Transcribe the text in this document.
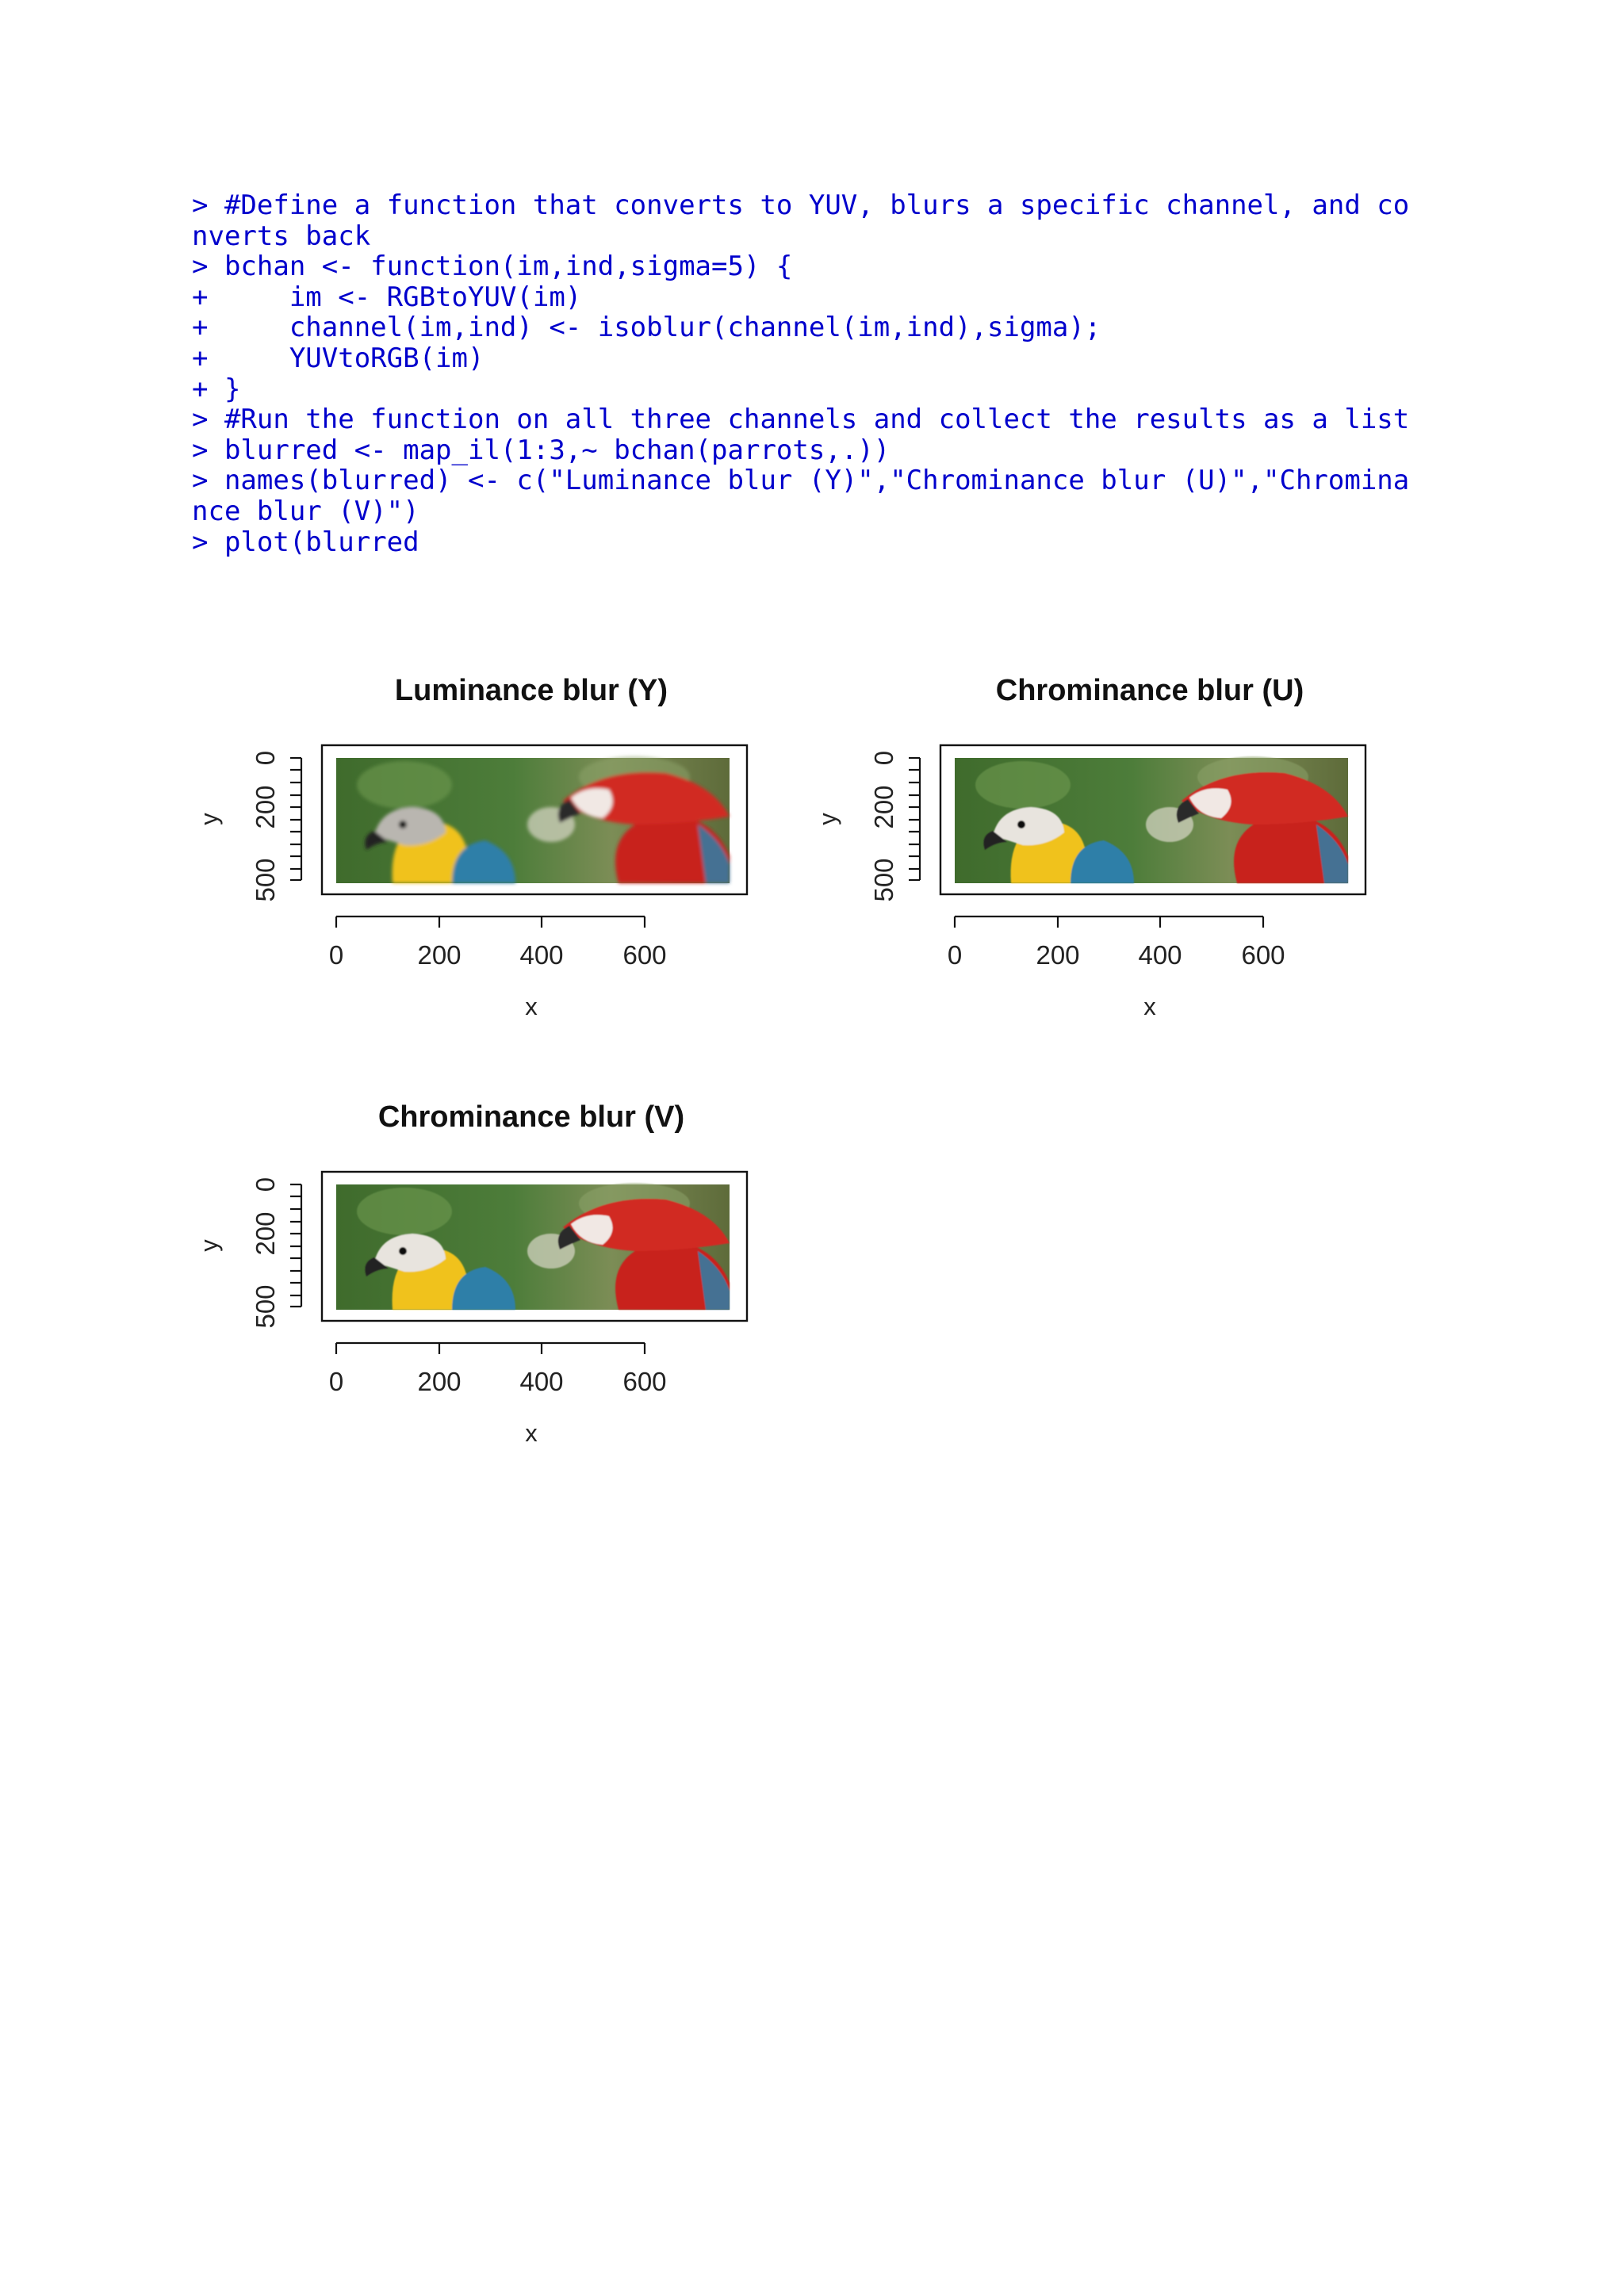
> #Define a function that converts to YUV, blurs a specific channel, and co
nverts back
> bchan <- function(im,ind,sigma=5) {
+     im <- RGBtoYUV(im)
+     channel(im,ind) <- isoblur(channel(im,ind),sigma);
+     YUVtoRGB(im)
+ }
> #Run the function on all three channels and collect the results as a list
> blurred <- map_il(1:3,~ bchan(parrots,.))
> names(blurred) <- c("Luminance blur (Y)","Chrominance blur (U)","Chromina
nce blur (V)")
> plot(blurred
Luminance blur (Y)
0	200 400 600
0
200
500
x
y
Chrominance blur (U)
0	200 400 600
0
200
500
x
y
Chrominance blur (V)
0	200 400 600
0
200
500
x
y
